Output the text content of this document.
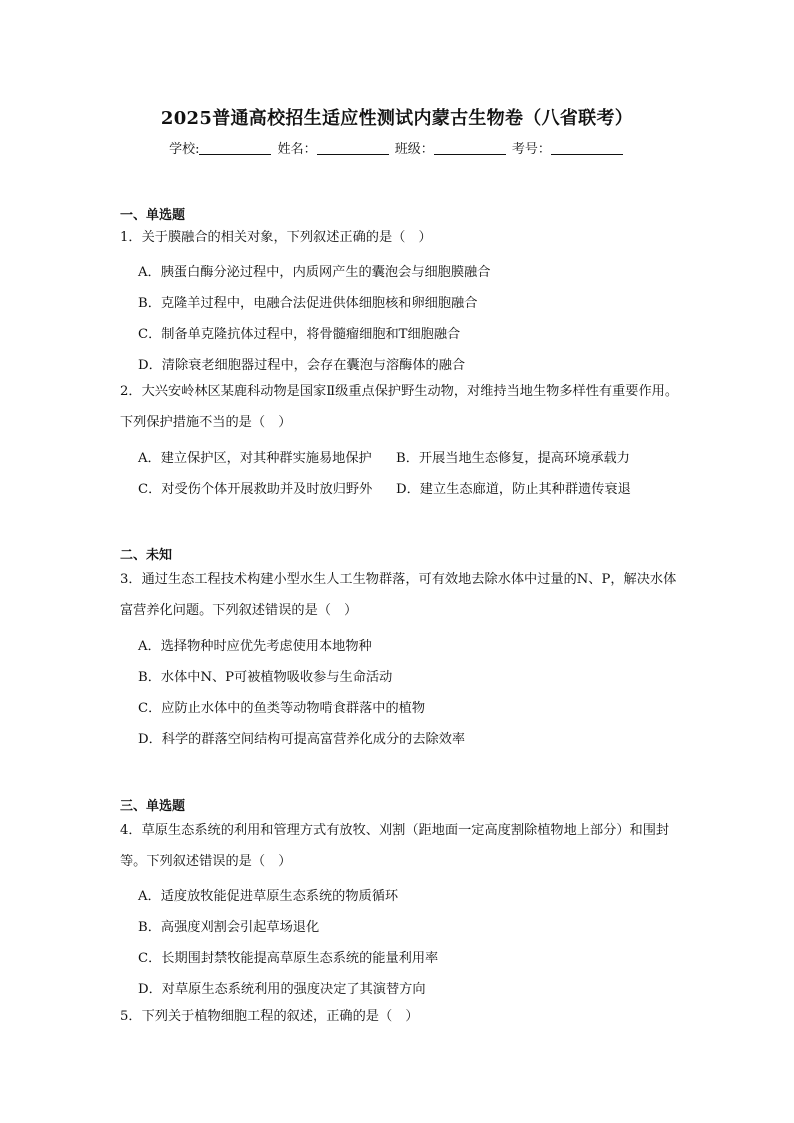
2025普通高校招生适应性测试内蒙古生物卷（八省联考）
学校:	姓名：	班级：	考号：
一、单选题
1．关于膜融合的相关对象，下列叙述正确的是（　）
A．胰蛋白酶分泌过程中，内质网产生的囊泡会与细胞膜融合
B．克隆羊过程中，电融合法促进供体细胞核和卵细胞融合
C．制备单克隆抗体过程中，将骨髓瘤细胞和T细胞融合
D．清除衰老细胞器过程中，会存在囊泡与溶酶体的融合
2．大兴安岭林区某鹿科动物是国家Ⅱ级重点保护野生动物，对维持当地生物多样性有重要作用。下列保护措施不当的是（　）
A．建立保护区，对其种群实施易地保护 B．开展当地生态修复，提高环境承载力
C．对受伤个体开展救助并及时放归野外 D．建立生态廊道，防止其种群遗传衰退
二、未知
3．通过生态工程技术构建小型水生人工生物群落，可有效地去除水体中过量的N、P，解决水体富营养化问题。下列叙述错误的是（　）
A．选择物种时应优先考虑使用本地物种
B．水体中N、P可被植物吸收参与生命活动
C．应防止水体中的鱼类等动物啃食群落中的植物
D．科学的群落空间结构可提高富营养化成分的去除效率
三、单选题
4．草原生态系统的利用和管理方式有放牧、刈割（距地面一定高度割除植物地上部分）和围封等。下列叙述错误的是（　）
A．适度放牧能促进草原生态系统的物质循环
B．高强度刈割会引起草场退化
C．长期围封禁牧能提高草原生态系统的能量利用率
D．对草原生态系统利用的强度决定了其演替方向
5．下列关于植物细胞工程的叙述，正确的是（　）
